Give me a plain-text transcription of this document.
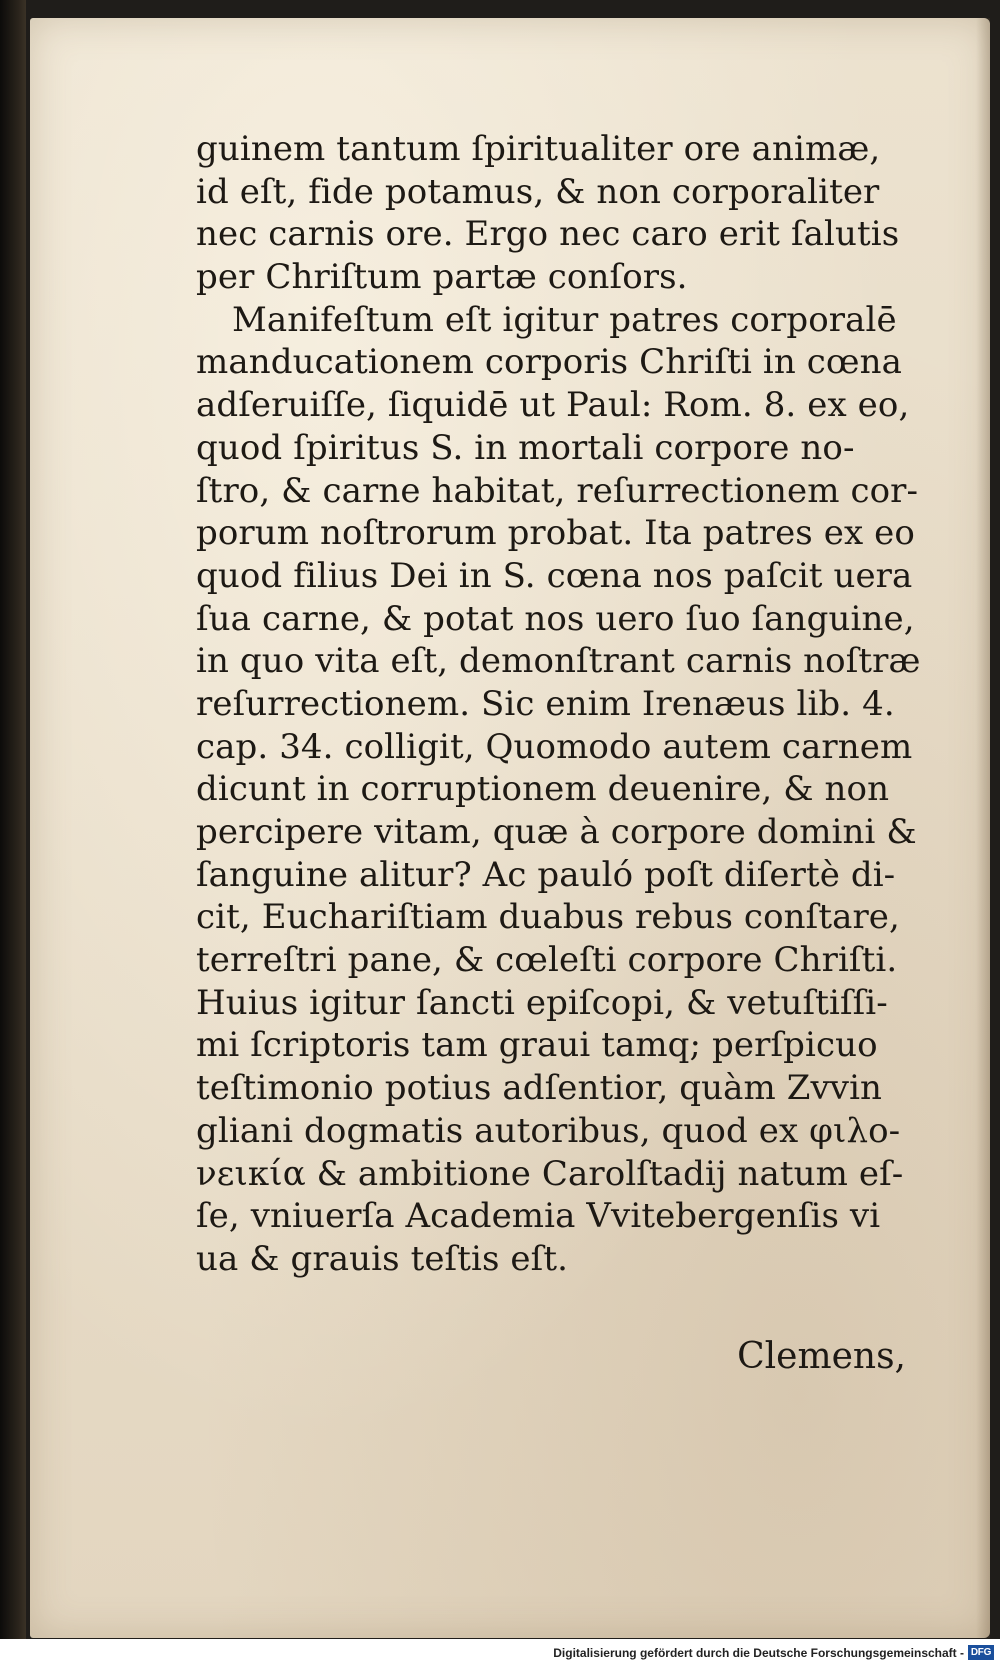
guinem tantum ſpiritualiter ore animæ,
id eſt, fide potamus, & non corporaliter
nec carnis ore. Ergo nec caro erit ſalutis
per Chriſtum partæ conſors.
Manifeſtum eſt igitur patres corporalē
manducationem corporis Chriſti in cœna
adſeruiſſe, ſiquidē ut Paul: Rom. 8. ex eo,
quod ſpiritus S. in mortali corpore no-
ſtro, & carne habitat, reſurrectionem cor-
porum noſtrorum probat. Ita patres ex eo
quod filius Dei in S. cœna nos paſcit uera
ſua carne, & potat nos uero ſuo ſanguine,
in quo vita eſt, demonſtrant carnis noſtræ
reſurrectionem. Sic enim Irenæus lib. 4.
cap. 34. colligit, Quomodo autem carnem
dicunt in corruptionem deuenire, & non
percipere vitam, quæ à corpore domini &
ſanguine alitur? Ac pauló poſt diſertè di-
cit, Euchariſtiam duabus rebus conſtare,
terreſtri pane, & cœleſti corpore Chriſti.
Huius igitur ſancti epiſcopi, & vetuſtiſſi-
mi ſcriptoris tam graui tamq; perſpicuo
teſtimonio potius adſentior, quàm Zvvin
gliani dogmatis autoribus, quod ex φιλο-
νεικία & ambitione Carolſtadij natum eſ-
ſe, vniuerſa Academia Vvitebergenſis vi
ua & grauis teſtis eſt.
Clemens,
Digitalisierung gefördert durch die Deutsche Forschungsgemeinschaft - DFG
